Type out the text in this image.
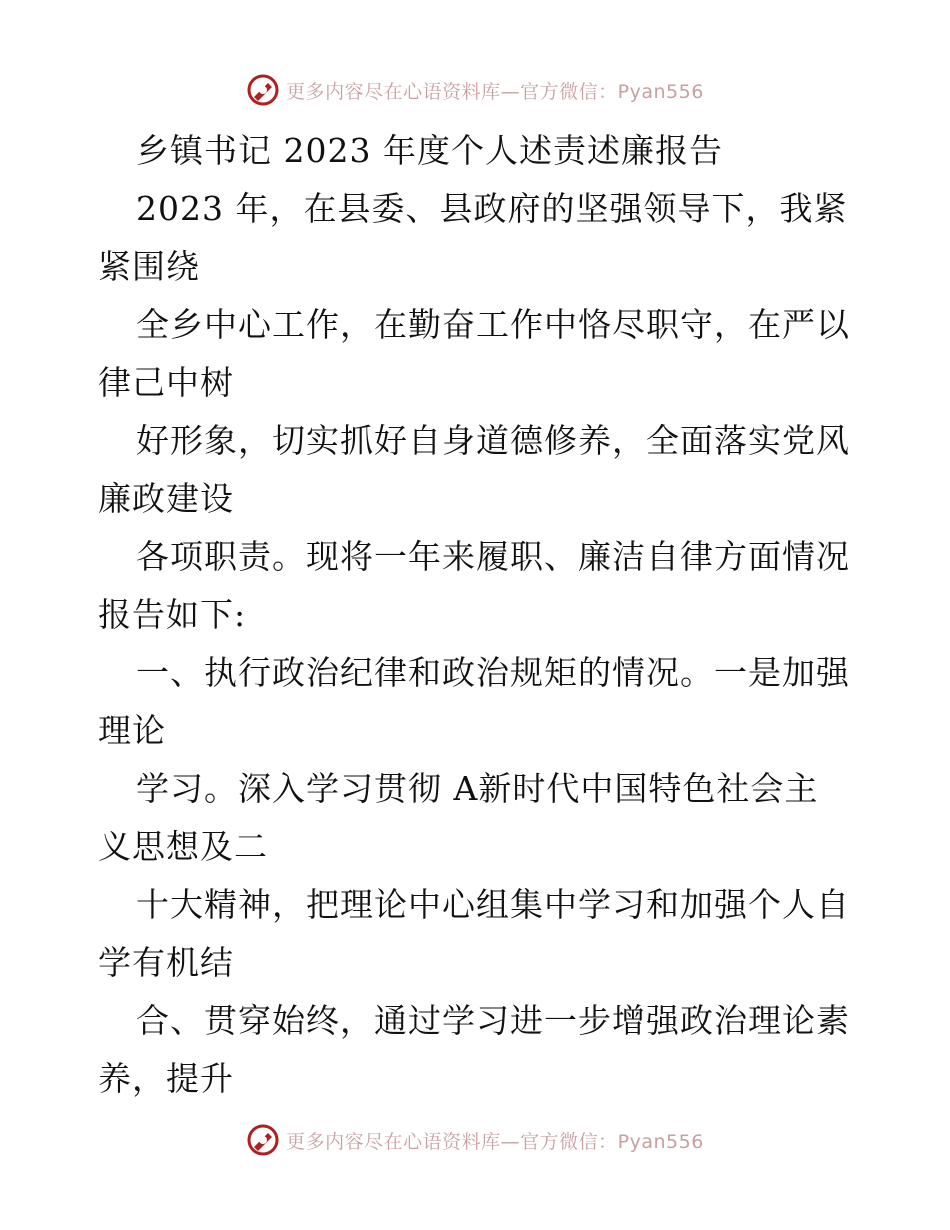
更多内容尽在心语资料库—官方微信：Pyan556
乡镇书记 2023 年度个人述责述廉报告
2023 年，在县委、县政府的坚强领导下，我紧
紧围绕
全乡中心工作，在勤奋工作中恪尽职守，在严以
律己中树
好形象，切实抓好自身道德修养，全面落实党风
廉政建设
各项职责。现将一年来履职、廉洁自律方面情况
报告如下:
一、执行政治纪律和政治规矩的情况。一是加强
理论
学习。深入学习贯彻 A新时代中国特色社会主
义思想及二
十大精神，把理论中心组集中学习和加强个人自
学有机结
合、贯穿始终，通过学习进一步增强政治理论素
养，提升
更多内容尽在心语资料库—官方微信：Pyan556
